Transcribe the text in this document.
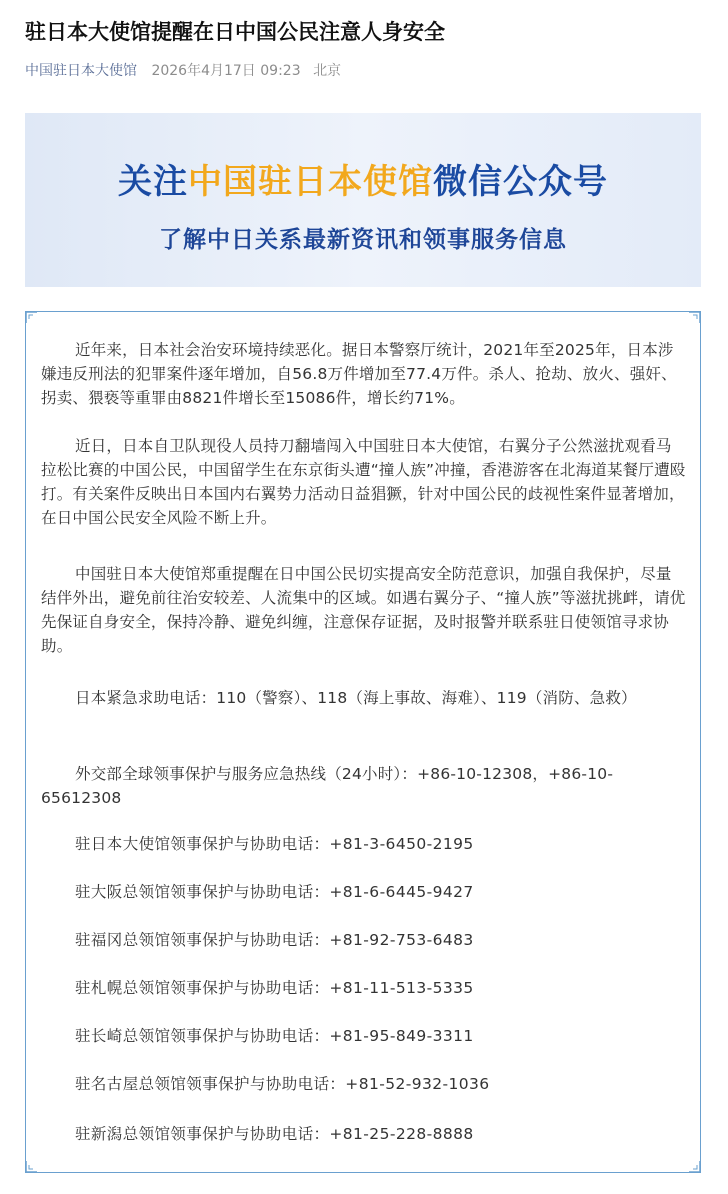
驻日本大使馆提醒在日中国公民注意人身安全
中国驻日本大使馆 2026年4月17日 09:23 北京
关注中国驻日本使馆微信公众号
了解中日关系最新资讯和领事服务信息

近年来，日本社会治安环境持续恶化。据日本警察厅统计，2021年至2025年，日本涉嫌违反刑法的犯罪案件逐年增加，自56.8万件增加至77.4万件。杀人、抢劫、放火、强奸、拐卖、猥亵等重罪由8821件增长至15086件，增长约71%。

近日，日本自卫队现役人员持刀翻墙闯入中国驻日本大使馆，右翼分子公然滋扰观看马拉松比赛的中国公民，中国留学生在东京街头遭“撞人族”冲撞，香港游客在北海道某餐厅遭殴打。有关案件反映出日本国内右翼势力活动日益猖獗，针对中国公民的歧视性案件显著增加，在日中国公民安全风险不断上升。

中国驻日本大使馆郑重提醒在日中国公民切实提高安全防范意识，加强自我保护，尽量结伴外出，避免前往治安较差、人流集中的区域。如遇右翼分子、“撞人族”等滋扰挑衅，请优先保证自身安全，保持冷静、避免纠缠，注意保存证据，及时报警并联系驻日使领馆寻求协助。

日本紧急求助电话：110（警察）、118（海上事故、海难）、119（消防、急救）

外交部全球领事保护与服务应急热线（24小时）：+86-10-12308，+86-10-65612308

驻日本大使馆领事保护与协助电话：+81-3-6450-2195
驻大阪总领馆领事保护与协助电话：+81-6-6445-9427
驻福冈总领馆领事保护与协助电话：+81-92-753-6483
驻札幌总领馆领事保护与协助电话：+81-11-513-5335
驻长崎总领馆领事保护与协助电话：+81-95-849-3311
驻名古屋总领馆领事保护与协助电话：+81-52-932-1036
驻新潟总领馆领事保护与协助电话：+81-25-228-8888
